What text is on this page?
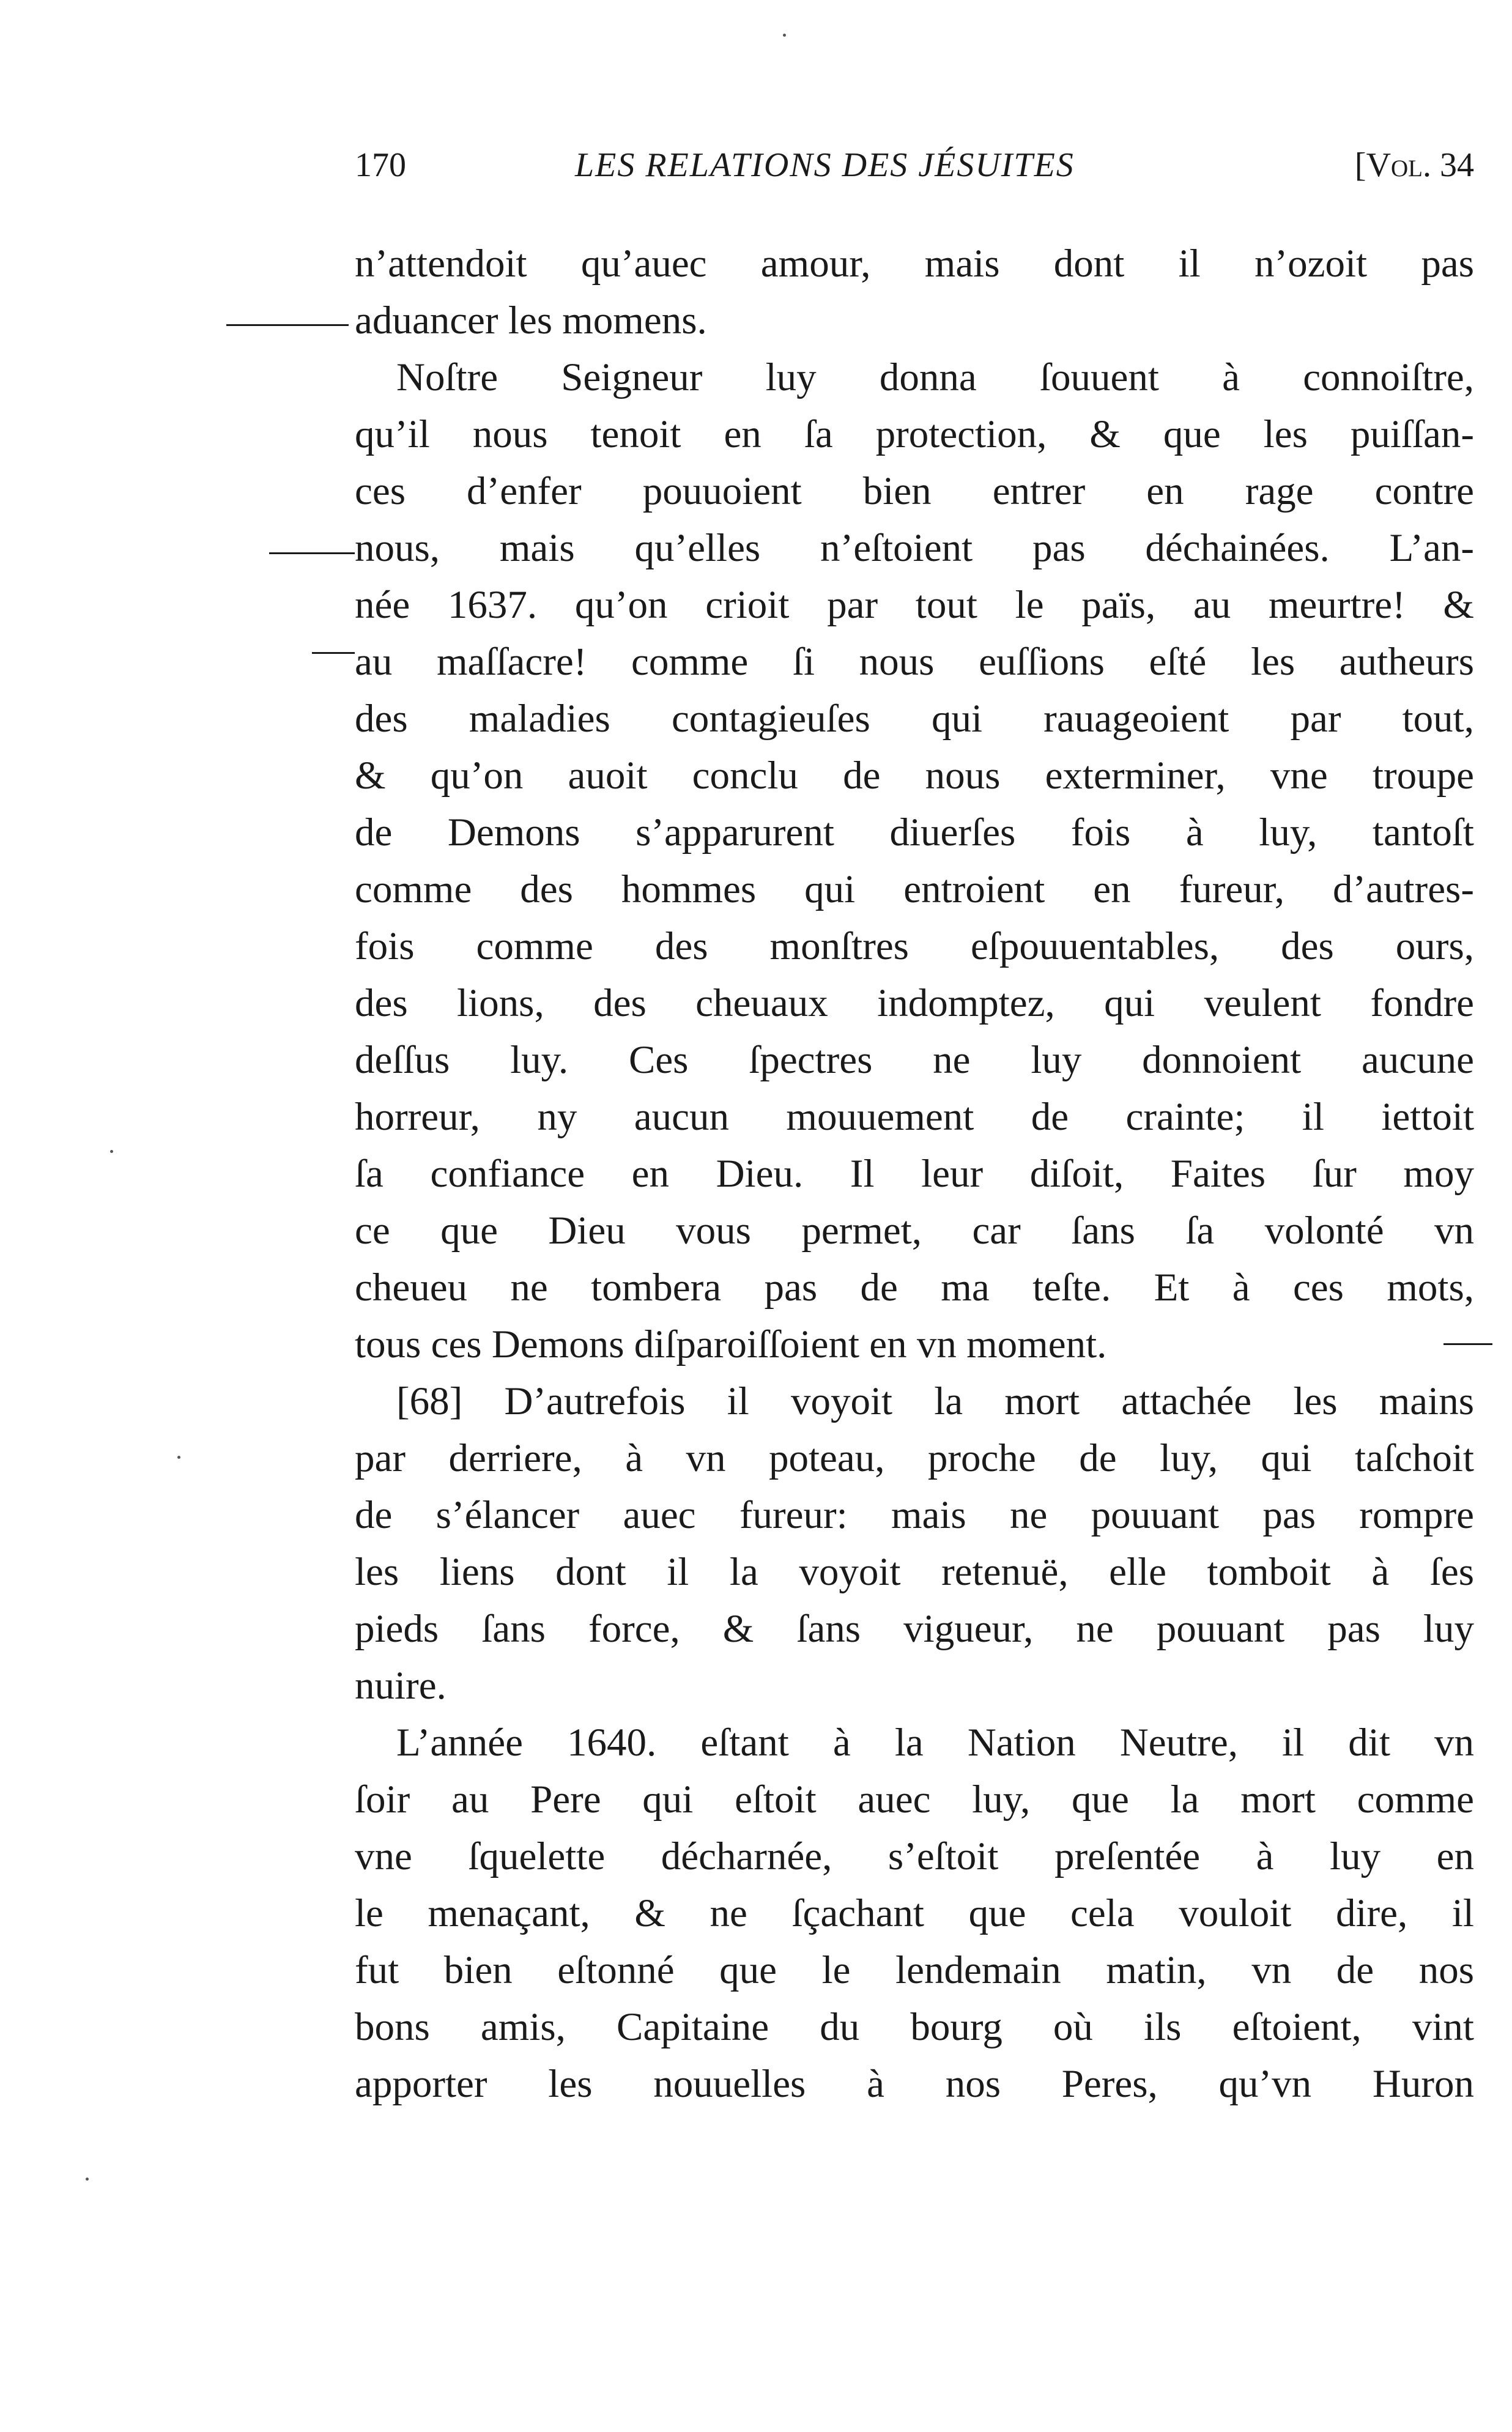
170	LES RELATIONS DES JÉSUITES	[Vol. 34
n’attendoit qu’auec amour, mais dont il n’ozoit pas
aduancer les momens.
Noſtre Seigneur luy donna ſouuent à connoiſtre,
qu’il nous tenoit en ſa protection, & que les puiſſan-
ces d’enfer pouuoient bien entrer en rage contre
nous, mais qu’elles n’eſtoient pas déchainées. L’an-
née 1637. qu’on crioit par tout le païs, au meurtre! &
au maſſacre! comme ſi nous euſſions eſté les autheurs
des maladies contagieuſes qui rauageoient par tout,
& qu’on auoit conclu de nous exterminer, vne troupe
de Demons s’apparurent diuerſes fois à luy, tantoſt
comme des hommes qui entroient en fureur, d’autres-
fois comme des monſtres eſpouuentables, des ours,
des lions, des cheuaux indomptez, qui veulent fondre
deſſus luy. Ces ſpectres ne luy donnoient aucune
horreur, ny aucun mouuement de crainte; il iettoit
ſa confiance en Dieu. Il leur diſoit, Faites ſur moy
ce que Dieu vous permet, car ſans ſa volonté vn
cheueu ne tombera pas de ma teſte. Et à ces mots,
tous ces Demons diſparoiſſoient en vn moment.
[68] D’autrefois il voyoit la mort attachée les mains
par derriere, à vn poteau, proche de luy, qui taſchoit
de s’élancer auec fureur: mais ne pouuant pas rompre
les liens dont il la voyoit retenuë, elle tomboit à ſes
pieds ſans force, & ſans vigueur, ne pouuant pas luy
nuire.
L’année 1640. eſtant à la Nation Neutre, il dit vn
ſoir au Pere qui eſtoit auec luy, que la mort comme
vne ſquelette décharnée, s’eſtoit preſentée à luy en
le menaçant, & ne ſçachant que cela vouloit dire, il
fut bien eſtonné que le lendemain matin, vn de nos
bons amis, Capitaine du bourg où ils eſtoient, vint
apporter les nouuelles à nos Peres, qu’vn Huron
